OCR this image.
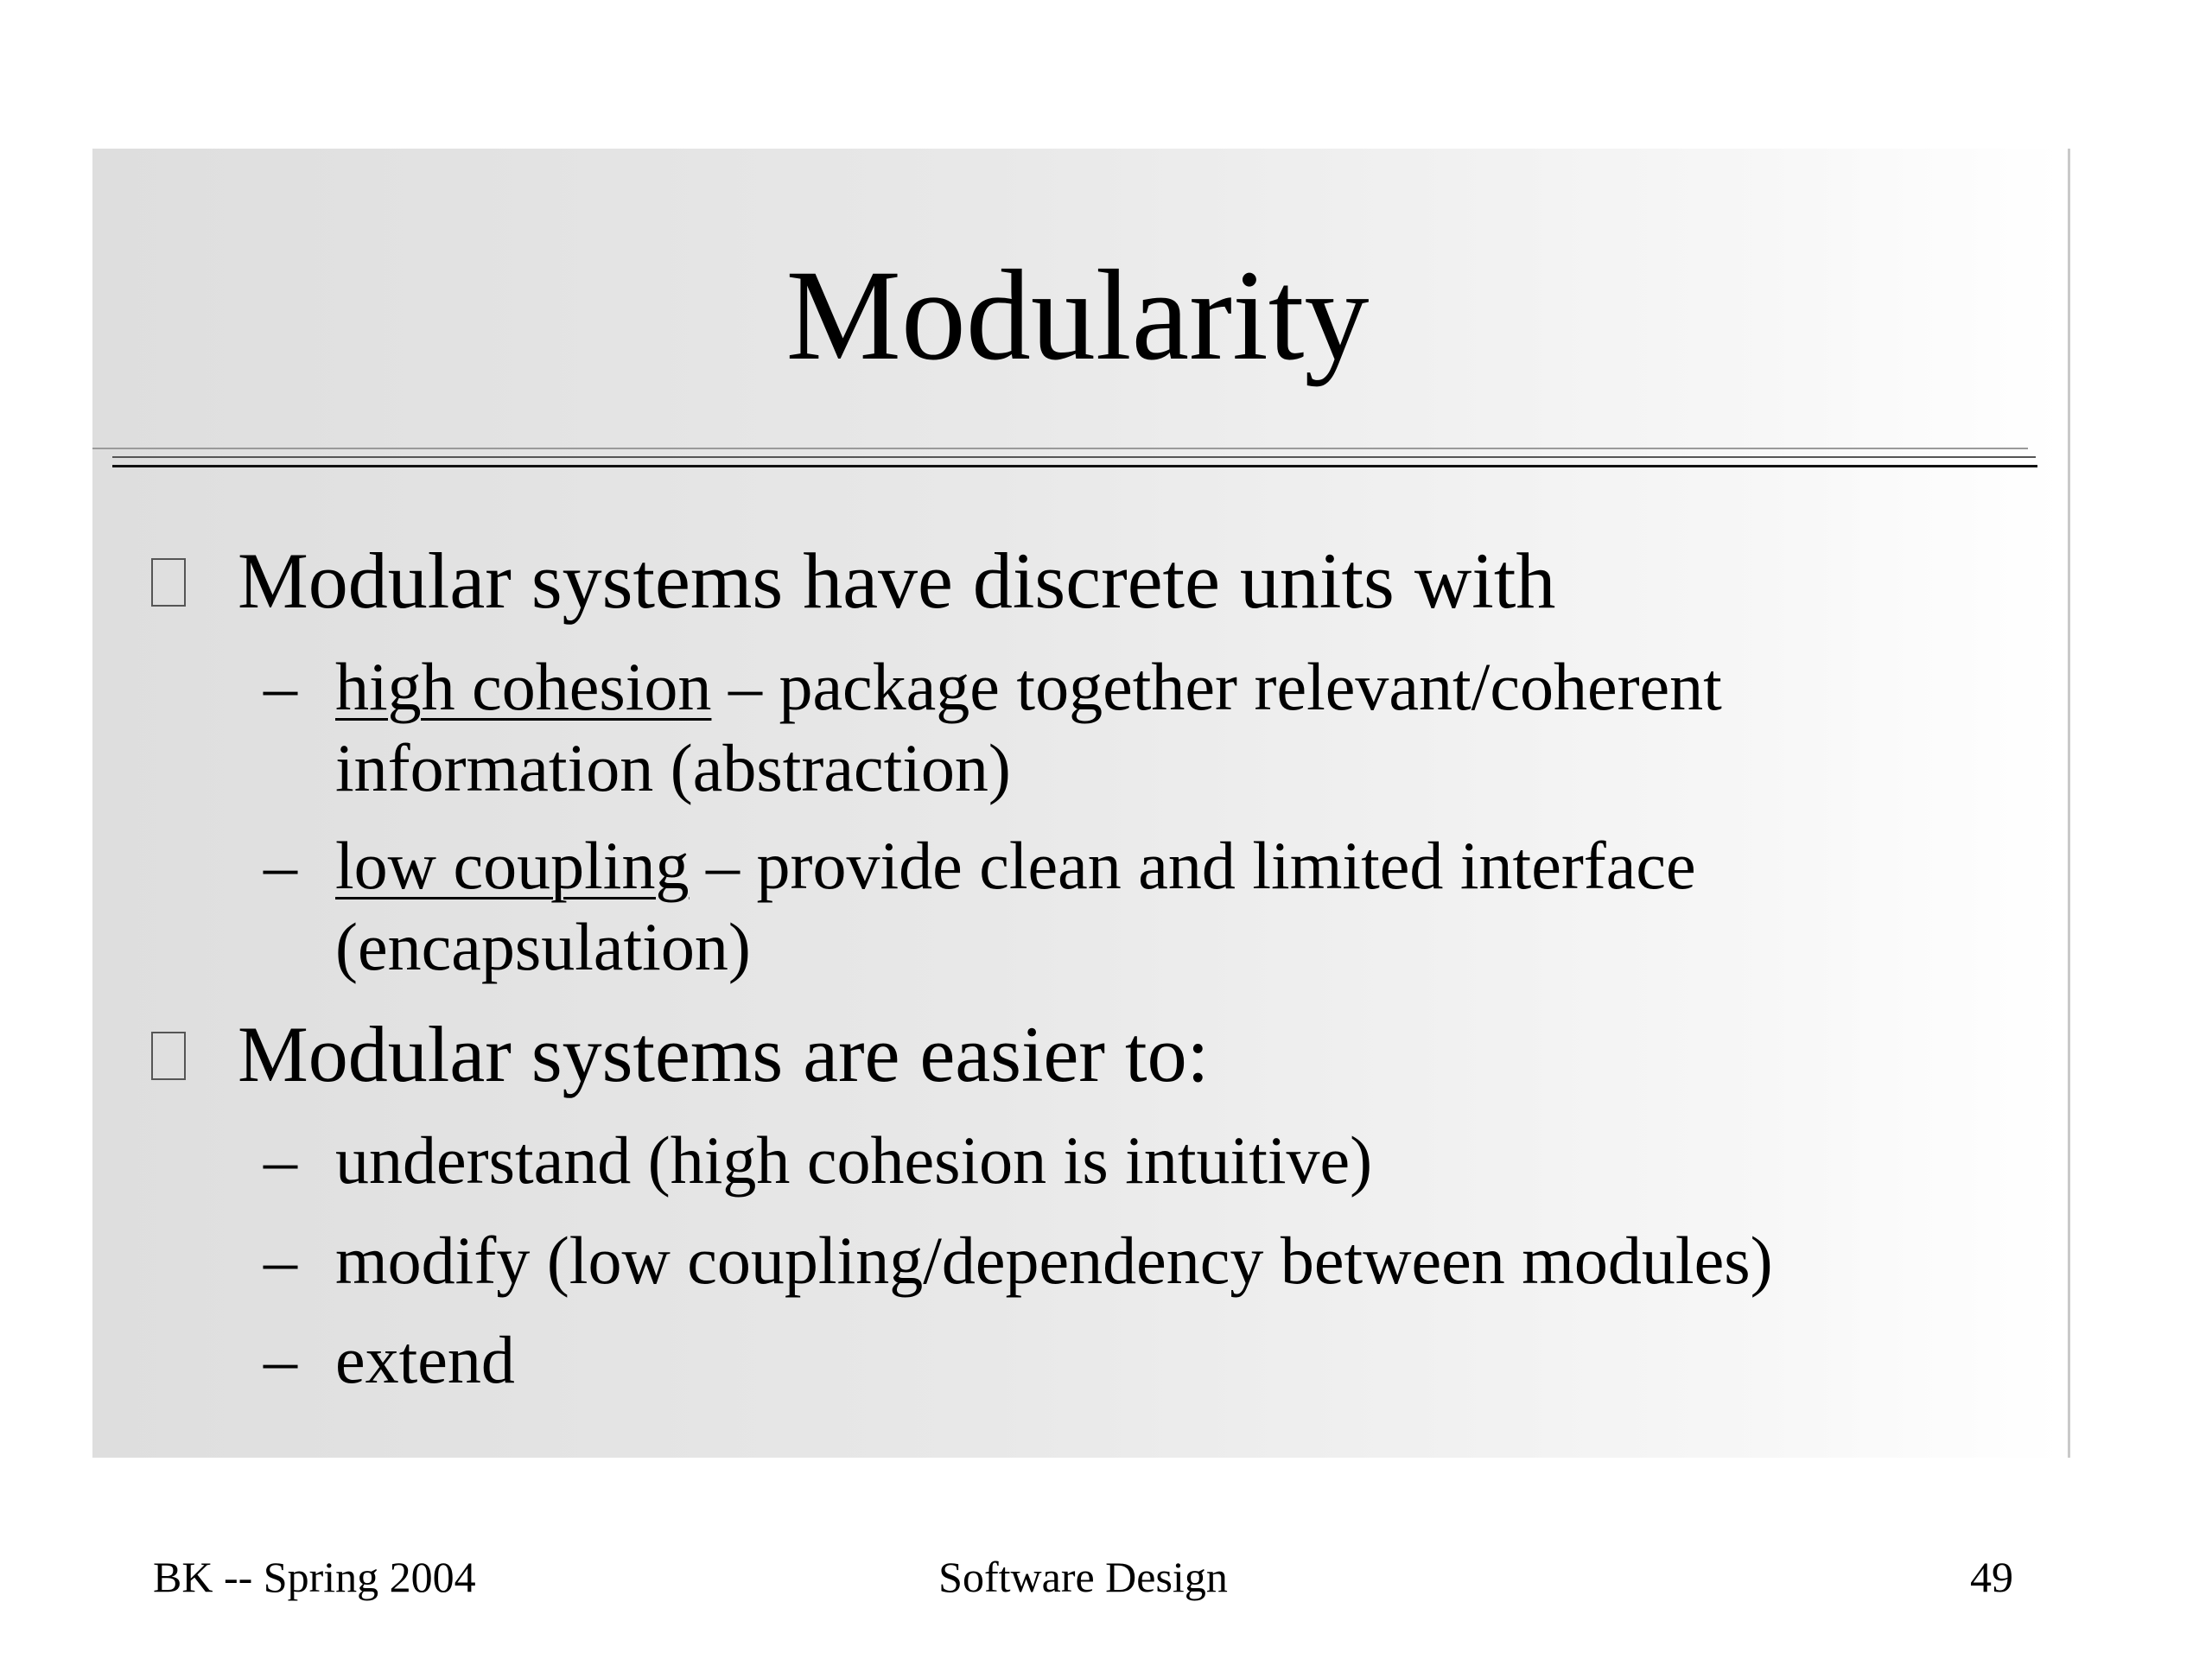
Modularity
Modular systems have discrete units with
– high cohesion – package together relevant/coherent
information (abstraction)
– low coupling – provide clean and limited interface
(encapsulation)
Modular systems are easier to:
– understand (high cohesion is intuitive)
– modify (low coupling/dependency between modules)
– extend
BK -- Spring 2004	Software Design	49
